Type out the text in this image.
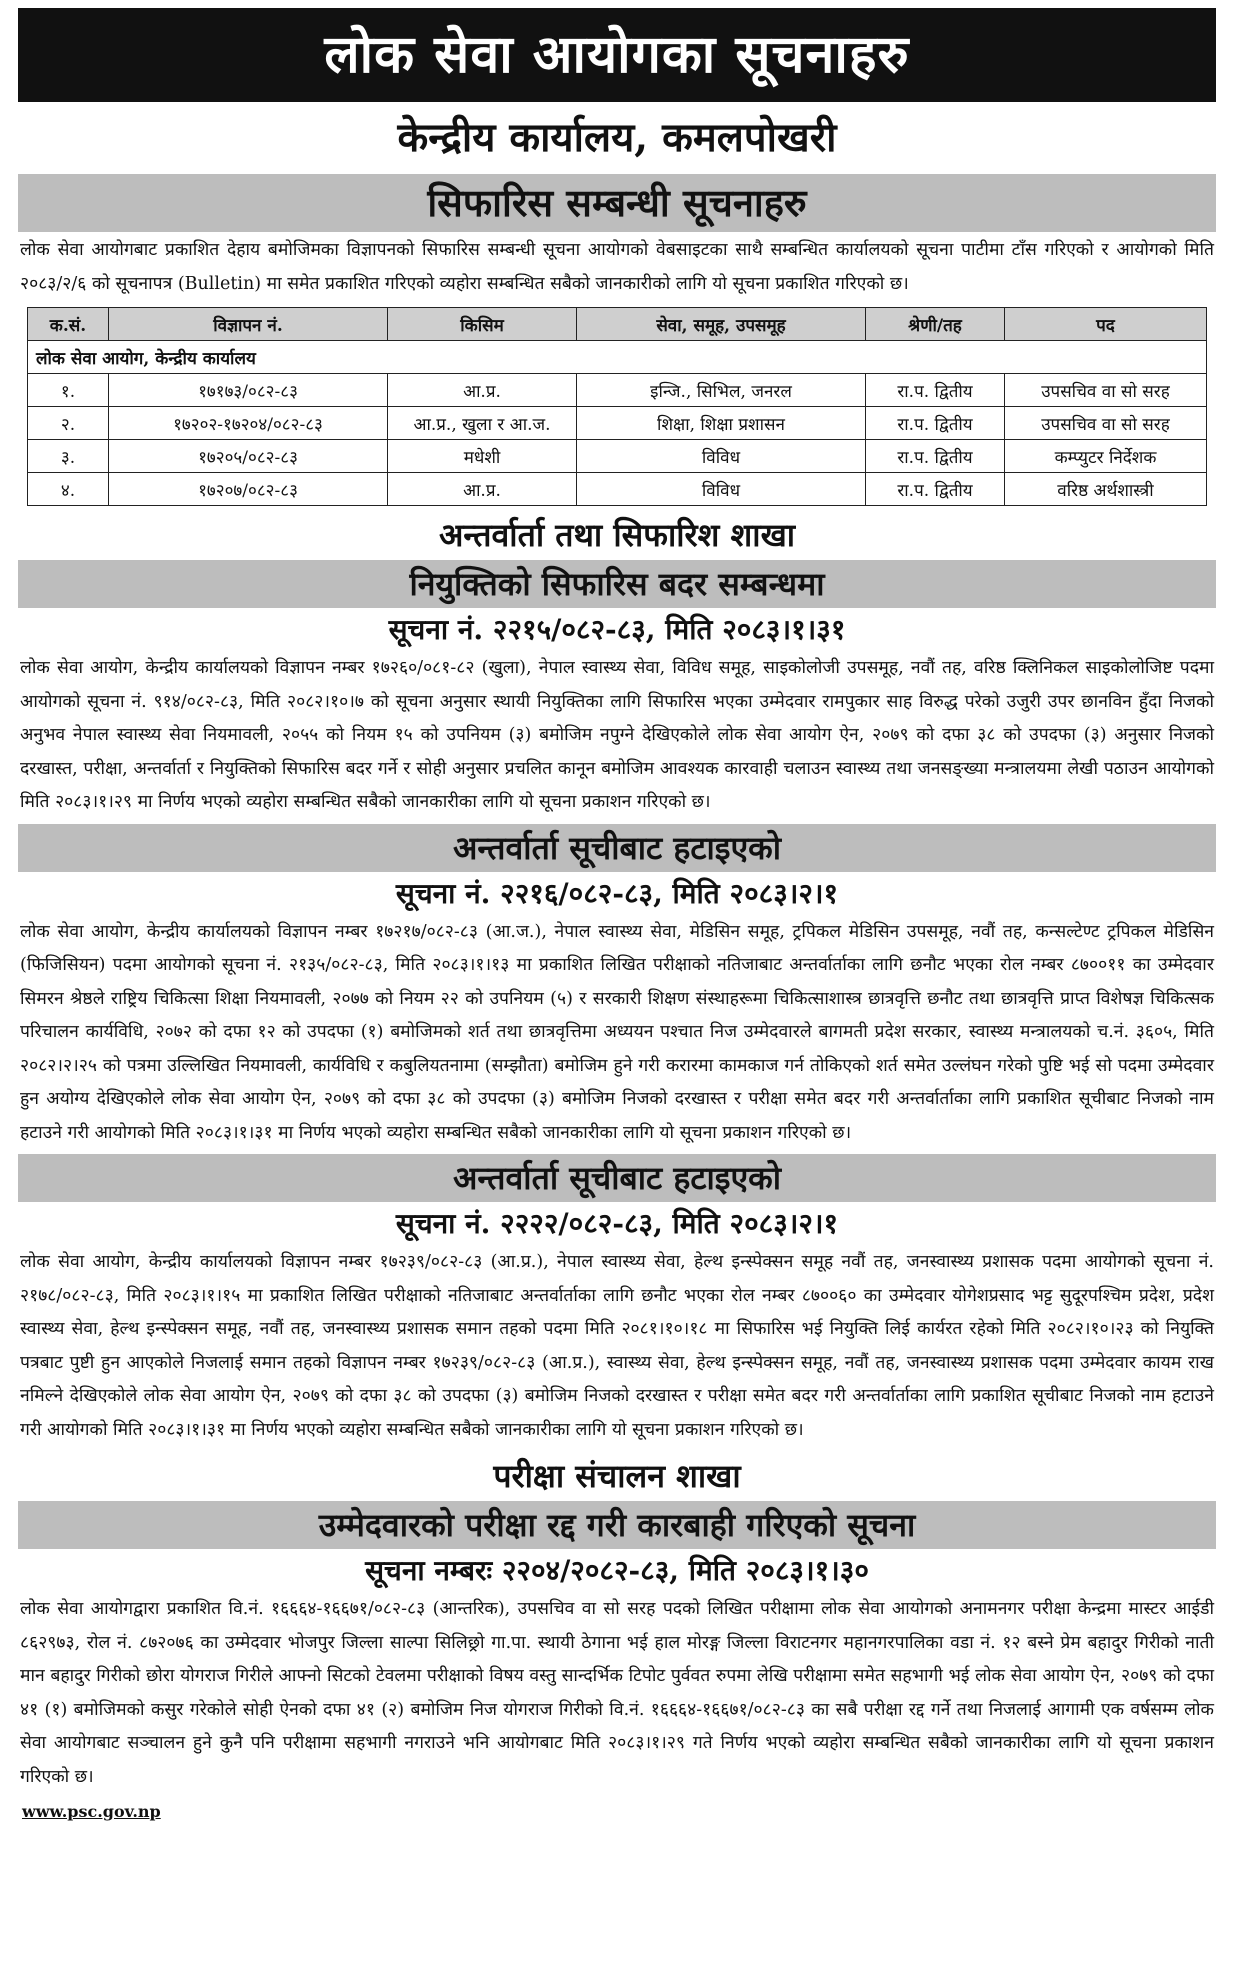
लोक सेवा आयोगका सूचनाहरु
केन्द्रीय कार्यालय, कमलपोखरी
सिफारिस सम्बन्धी सूचनाहरु

लोक सेवा आयोगबाट प्रकाशित देहाय बमोजिमका विज्ञापनको सिफारिस सम्बन्धी सूचना आयोगको वेबसाइटका साथै सम्बन्धित कार्यालयको सूचना पाटीमा टाँस गरिएको र आयोगको मिति २०८३/२/६ को सूचनापत्र (Bulletin) मा समेत प्रकाशित गरिएको व्यहोरा सम्बन्धित सबैको जानकारीको लागि यो सूचना प्रकाशित गरिएको छ।

क.सं.	विज्ञापन नं.	किसिम	सेवा, समूह, उपसमूह	श्रेणी/तह	पद
लोक सेवा आयोग, केन्द्रीय कार्यालय					
१.	१७१७३/०८२-८३	आ.प्र.	इन्जि., सिभिल, जनरल	रा.प. द्वितीय	उपसचिव वा सो सरह
२.	१७२०२-१७२०४/०८२-८३	आ.प्र., खुला र आ.ज.	शिक्षा, शिक्षा प्रशासन	रा.प. द्वितीय	उपसचिव वा सो सरह
३.	१७२०५/०८२-८३	मधेशी	विविध	रा.प. द्वितीय	कम्प्युटर निर्देशक
४.	१७२०७/०८२-८३	आ.प्र.	विविध	रा.प. द्वितीय	वरिष्ठ अर्थशास्त्री
अन्तर्वार्ता तथा सिफारिश शाखा
नियुक्तिको सिफारिस बदर सम्बन्धमा
सूचना नं. २२१५/०८२-८३, मिति २०८३।१।३१

लोक सेवा आयोग, केन्द्रीय कार्यालयको विज्ञापन नम्बर १७२६०/०८१-८२ (खुला), नेपाल स्वास्थ्य सेवा, विविध समूह, साइकोलोजी उपसमूह, नवौं तह, वरिष्ठ क्लिनिकल साइकोलोजिष्ट पदमा आयोगको सूचना नं. ९१४/०८२-८३, मिति २०८२।१०।७ को सूचना अनुसार स्थायी नियुक्तिका लागि सिफारिस भएका उम्मेदवार रामपुकार साह विरुद्ध परेको उजुरी उपर छानविन हुँदा निजको अनुभव नेपाल स्वास्थ्य सेवा नियमावली, २०५५ को नियम १५ को उपनियम (३) बमोजिम नपुग्ने देखिएकोले लोक सेवा आयोग ऐन, २०७९ को दफा ३८ को उपदफा (३) अनुसार निजको दरखास्त, परीक्षा, अन्तर्वार्ता र नियुक्तिको सिफारिस बदर गर्ने र सोही अनुसार प्रचलित कानून बमोजिम आवश्यक कारवाही चलाउन स्वास्थ्य तथा जनसङ्ख्या मन्त्रालयमा लेखी पठाउन आयोगको मिति २०८३।१।२९ मा निर्णय भएको व्यहोरा सम्बन्धित सबैको जानकारीका लागि यो सूचना प्रकाशन गरिएको छ।

अन्तर्वार्ता सूचीबाट हटाइएको
सूचना नं. २२१६/०८२-८३, मिति २०८३।२।१

लोक सेवा आयोग, केन्द्रीय कार्यालयको विज्ञापन नम्बर १७२१७/०८२-८३ (आ.ज.), नेपाल स्वास्थ्य सेवा, मेडिसिन समूह, ट्रपिकल मेडिसिन उपसमूह, नवौं तह, कन्सल्टेण्ट ट्रपिकल मेडिसिन (फिजिसियन) पदमा आयोगको सूचना नं. २१३५/०८२-८३, मिति २०८३।१।१३ मा प्रकाशित लिखित परीक्षाको नतिजाबाट अन्तर्वार्ताका लागि छनौट भएका रोल नम्बर ८७००११ का उम्मेदवार सिमरन श्रेष्ठले राष्ट्रिय चिकित्सा शिक्षा नियमावली, २०७७ को नियम २२ को उपनियम (५) र सरकारी शिक्षण संस्थाहरूमा चिकित्साशास्त्र छात्रवृत्ति छनौट तथा छात्रवृत्ति प्राप्त विशेषज्ञ चिकित्सक परिचालन कार्यविधि, २०७२ को दफा १२ को उपदफा (१) बमोजिमको शर्त तथा छात्रवृत्तिमा अध्ययन पश्चात निज उम्मेदवारले बागमती प्रदेश सरकार, स्वास्थ्य मन्त्रालयको च.नं. ३६०५, मिति २०८२।२।२५ को पत्रमा उल्लिखित नियमावली, कार्यविधि र कबुलियतनामा (सम्झौता) बमोजिम हुने गरी करारमा कामकाज गर्न तोकिएको शर्त समेत उल्लंघन गरेको पुष्टि भई सो पदमा उम्मेदवार हुन अयोग्य देखिएकोले लोक सेवा आयोग ऐन, २०७९ को दफा ३८ को उपदफा (३) बमोजिम निजको दरखास्त र परीक्षा समेत बदर गरी अन्तर्वार्ताका लागि प्रकाशित सूचीबाट निजको नाम हटाउने गरी आयोगको मिति २०८३।१।३१ मा निर्णय भएको व्यहोरा सम्बन्धित सबैको जानकारीका लागि यो सूचना प्रकाशन गरिएको छ।

अन्तर्वार्ता सूचीबाट हटाइएको
सूचना नं. २२२२/०८२-८३, मिति २०८३।२।१

लोक सेवा आयोग, केन्द्रीय कार्यालयको विज्ञापन नम्बर १७२३९/०८२-८३ (आ.प्र.), नेपाल स्वास्थ्य सेवा, हेल्थ इन्स्पेक्सन समूह नवौं तह, जनस्वास्थ्य प्रशासक पदमा आयोगको सूचना नं. २१७८/०८२-८३, मिति २०८३।१।१५ मा प्रकाशित लिखित परीक्षाको नतिजाबाट अन्तर्वार्ताका लागि छनौट भएका रोल नम्बर ८७००६० का उम्मेदवार योगेशप्रसाद भट्ट सुदूरपश्चिम प्रदेश, प्रदेश स्वास्थ्य सेवा, हेल्थ इन्स्पेक्सन समूह, नवौं तह, जनस्वास्थ्य प्रशासक समान तहको पदमा मिति २०८१।१०।१८ मा सिफारिस भई नियुक्ति लिई कार्यरत रहेको मिति २०८२।१०।२३ को नियुक्ति पत्रबाट पुष्टी हुन आएकोले निजलाई समान तहको विज्ञापन नम्बर १७२३९/०८२-८३ (आ.प्र.), स्वास्थ्य सेवा, हेल्थ इन्स्पेक्सन समूह, नवौं तह, जनस्वास्थ्य प्रशासक पदमा उम्मेदवार कायम राख नमिल्ने देखिएकोले लोक सेवा आयोग ऐन, २०७९ को दफा ३८ को उपदफा (३) बमोजिम निजको दरखास्त र परीक्षा समेत बदर गरी अन्तर्वार्ताका लागि प्रकाशित सूचीबाट निजको नाम हटाउने गरी आयोगको मिति २०८३।१।३१ मा निर्णय भएको व्यहोरा सम्बन्धित सबैको जानकारीका लागि यो सूचना प्रकाशन गरिएको छ।

परीक्षा संचालन शाखा
उम्मेदवारको परीक्षा रद्द गरी कारबाही गरिएको सूचना
सूचना नम्बरः २२०४/२०८२-८३, मिति २०८३।१।३०

लोक सेवा आयोगद्वारा प्रकाशित वि.नं. १६६६४-१६६७१/०८२-८३ (आन्तरिक), उपसचिव वा सो सरह पदको लिखित परीक्षामा लोक सेवा आयोगको अनामनगर परीक्षा केन्द्रमा मास्टर आईडी ८६२९७३, रोल नं. ८७२०७६ का उम्मेदवार भोजपुर जिल्ला साल्पा सिलिछ्रो गा.पा. स्थायी ठेगाना भई हाल मोरङ्ग जिल्ला विराटनगर महानगरपालिका वडा नं. १२ बस्ने प्रेम बहादुर गिरीको नाती मान बहादुर गिरीको छोरा योगराज गिरीले आफ्नो सिटको टेवलमा परीक्षाको विषय वस्तु सान्दर्भिक टिपोट पुर्ववत रुपमा लेखि परीक्षामा समेत सहभागी भई लोक सेवा आयोग ऐन, २०७९ को दफा ४१ (१) बमोजिमको कसुर गरेकोले सोही ऐनको दफा ४१ (२) बमोजिम निज योगराज गिरीको वि.नं. १६६६४-१६६७१/०८२-८३ का सबै परीक्षा रद्द गर्ने तथा निजलाई आगामी एक वर्षसम्म लोक सेवा आयोगबाट सञ्चालन हुने कुनै पनि परीक्षामा सहभागी नगराउने भनि आयोगबाट मिति २०८३।१।२९ गते निर्णय भएको व्यहोरा सम्बन्धित सबैको जानकारीका लागि यो सूचना प्रकाशन गरिएको छ।

www.psc.gov.np
